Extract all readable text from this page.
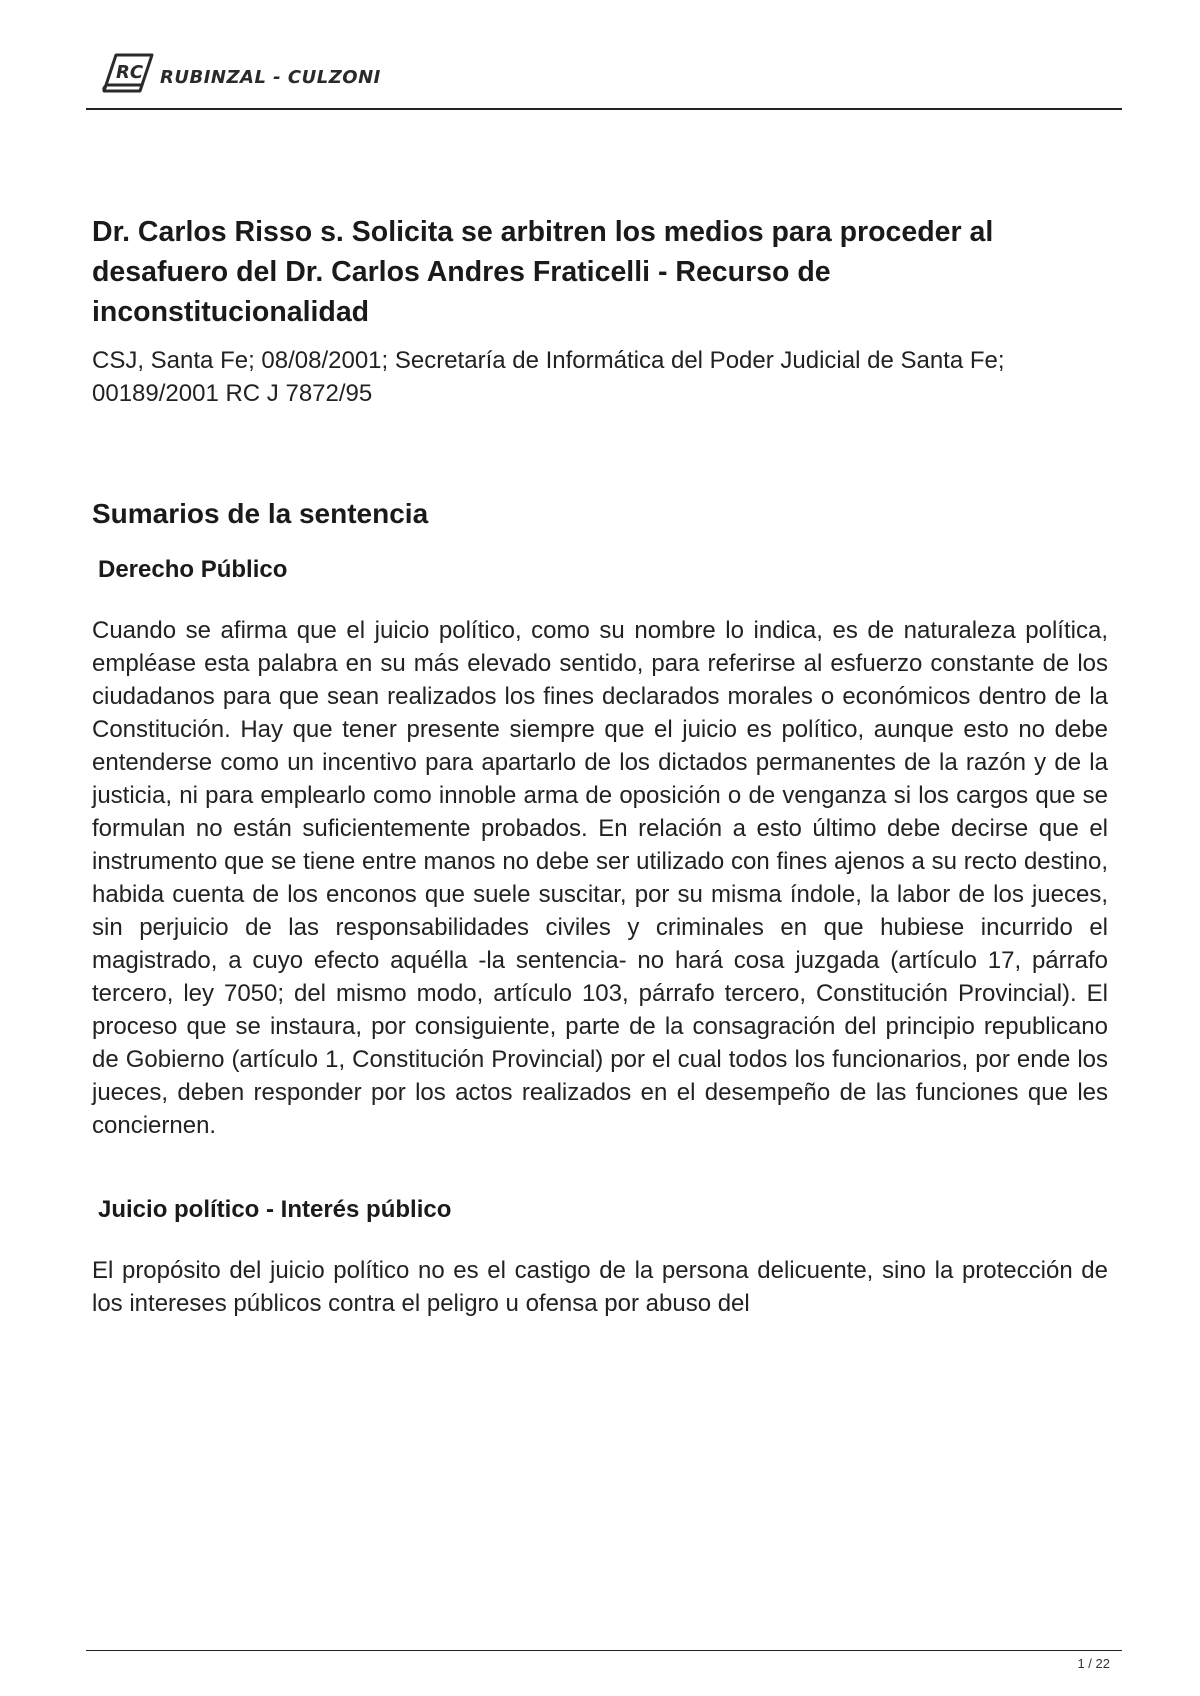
RC RUBINZAL - CULZONI
Dr. Carlos Risso s. Solicita se arbitren los medios para proceder al desafuero del Dr. Carlos Andres Fraticelli - Recurso de inconstitucionalidad

CSJ, Santa Fe; 08/08/2001; Secretaría de Informática del Poder Judicial de Santa Fe; 00189/2001 RC J 7872/95

Sumarios de la sentencia
Derecho Público

Cuando se afirma que el juicio político, como su nombre lo indica, es de naturaleza política, empléase esta palabra en su más elevado sentido, para referirse al esfuerzo constante de los ciudadanos para que sean realizados los fines declarados morales o económicos dentro de la Constitución. Hay que tener presente siempre que el juicio es político, aunque esto no debe entenderse como un incentivo para apartarlo de los dictados permanentes de la razón y de la justicia, ni para emplearlo como innoble arma de oposición o de venganza si los cargos que se formulan no están suficientemente probados. En relación a esto último debe decirse que el instrumento que se tiene entre manos no debe ser utilizado con fines ajenos a su recto destino, habida cuenta de los enconos que suele suscitar, por su misma índole, la labor de los jueces, sin perjuicio de las responsabilidades civiles y criminales en que hubiese incurrido el magistrado, a cuyo efecto aquélla -la sentencia- no hará cosa juzgada (artículo 17, párrafo tercero, ley 7050; del mismo modo, artículo 103, párrafo tercero, Constitución Provincial). El proceso que se instaura, por consiguiente, parte de la consagración del principio republicano de Gobierno (artículo 1, Constitución Provincial) por el cual todos los funcionarios, por ende los jueces, deben responder por los actos realizados en el desempeño de las funciones que les conciernen.

Juicio político - Interés público

El propósito del juicio político no es el castigo de la persona delicuente, sino la protección de los intereses públicos contra el peligro u ofensa por abuso del

1 / 22
